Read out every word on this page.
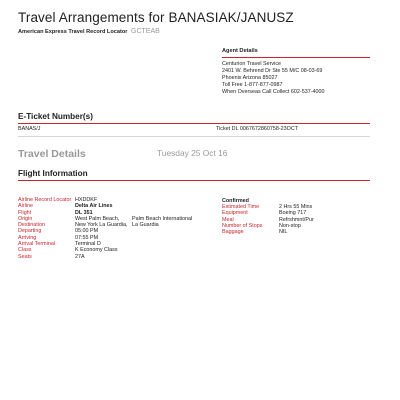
Travel Arrangements for BANASIAK/JANUSZ
American Express Travel Record Locator GCTEAB
Agent Details
Centurion Travel Service
2401 W. Behrend Dr Ste 55 M/C 08-03-69
Phoenix Arizona 85027
Toll Free 1-877-877-0987
When Overseas Call Collect 602-537-4000
E-Ticket Number(s)
BANAS/J	Ticket DL 0067672860758-23OCT
Travel Details	Tuesday 25 Oct 16
Flight Information
Airline Record Locator HXDDKF
Airline	Delta Air Lines
Flight	DL 351
Origin	West Palm Beach,	Palm Beach International
Destination	New York La Guardia, La Guardia
Departing	05:00 PM
Arriving	07:55 PM
Arrival Terminal	Terminal D
Class	K Economy Class
Seats	27A
Confirmed
Estimated Time	2 Hrs 55 Mins
Equipment	Boeing 717
Meal	Refrshmnt/Pur
Number of Stops	Non-stop
Baggage	NIL
